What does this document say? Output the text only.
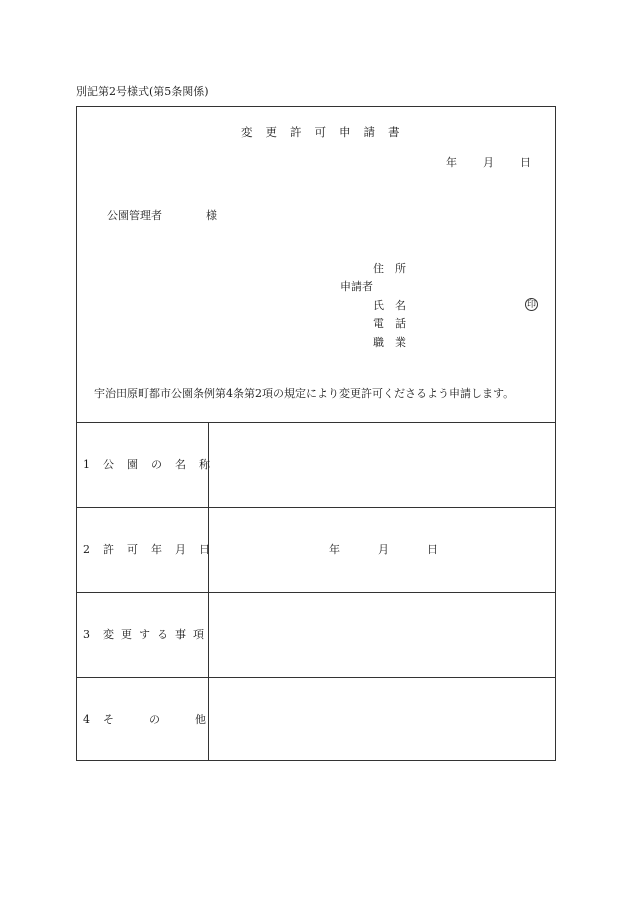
別記第2号様式(第5条関係)
変 更 許 可 申 請 書
年 月 日
公園管理者	様
住 所
申請者
氏 名
電 話
職 業
宇治田原町都市公園条例第4条第2項の規定により変更許可くださるよう申請します。
1 公 園 の 名 称
2 許 可 年 月 日	年	月	日
3 変 更 す る 事 項
4 そ	の	他
印
